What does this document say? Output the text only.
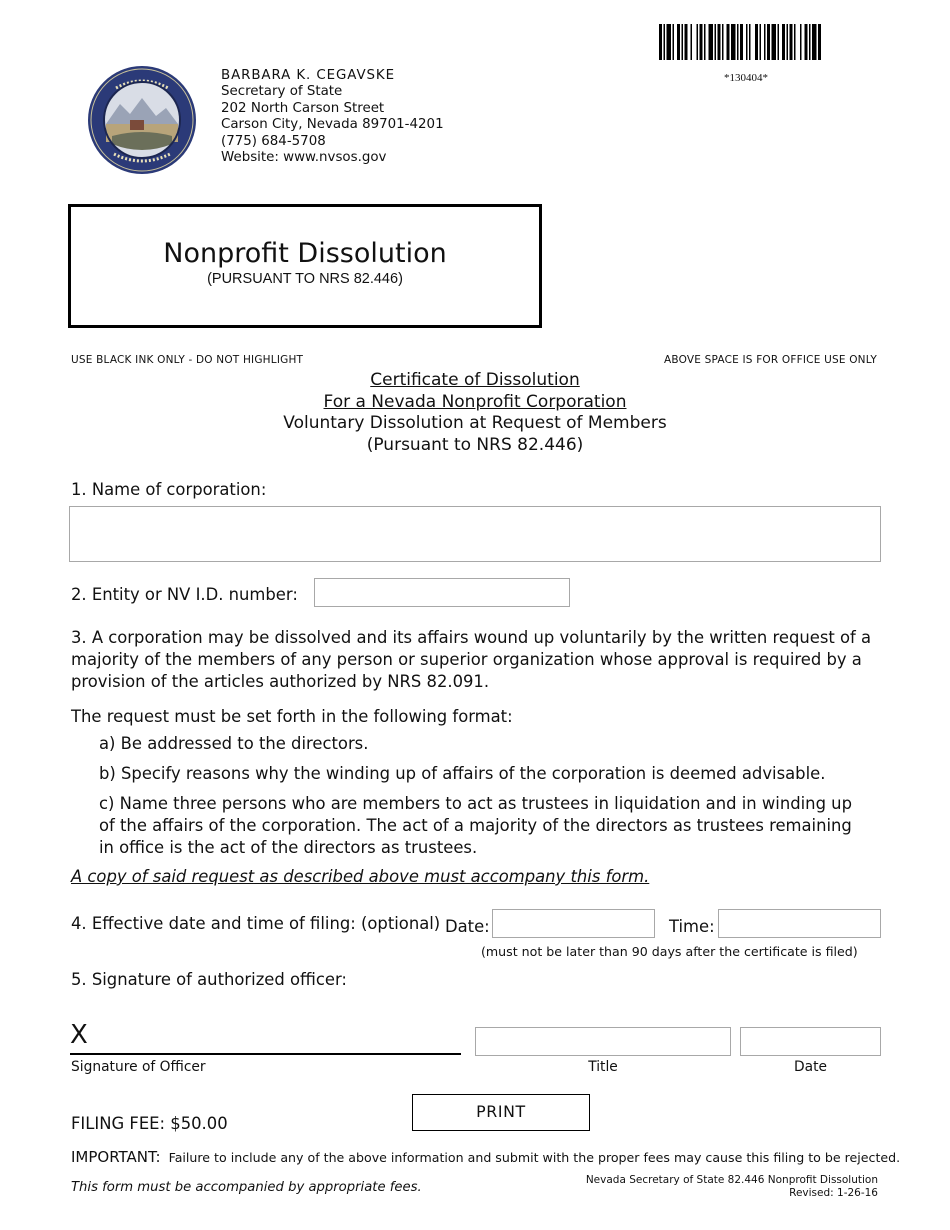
*130404*
BARBARA K. CEGAVSKE
Secretary of State
202 North Carson Street
Carson City, Nevada 89701-4201
(775) 684-5708
Website: www.nvsos.gov
Nonprofit Dissolution
(PURSUANT TO NRS 82.446)
USE BLACK INK ONLY - DO NOT HIGHLIGHT	ABOVE SPACE IS FOR OFFICE USE ONLY
Certificate of Dissolution
For a Nevada Nonprofit Corporation
Voluntary Dissolution at Request of Members
(Pursuant to NRS 82.446)
1. Name of corporation:
2. Entity or NV I.D. number:
3. A corporation may be dissolved and its affairs wound up voluntarily by the written request of a majority of the members of any person or superior organization whose approval is required by a provision of the articles authorized by NRS 82.091.
The request must be set forth in the following format:
a) Be addressed to the directors.
b) Specify reasons why the winding up of affairs of the corporation is deemed advisable.
c) Name three persons who are members to act as trustees in liquidation and in winding up of the affairs of the corporation. The act of a majority of the directors as trustees remaining in office is the act of the directors as trustees.
A copy of said request as described above must accompany this form.
4. Effective date and time of filing: (optional) Date:	Time:
(must not be later than 90 days after the certificate is filed)
5. Signature of authorized officer:
X
Signature of Officer	Title	Date
FILING FEE: $50.00
PRINT
IMPORTANT: Failure to include any of the above information and submit with the proper fees may cause this filing to be rejected.
This form must be accompanied by appropriate fees.	Nevada Secretary of State 82.446 Nonprofit Dissolution
Revised: 1-26-16
